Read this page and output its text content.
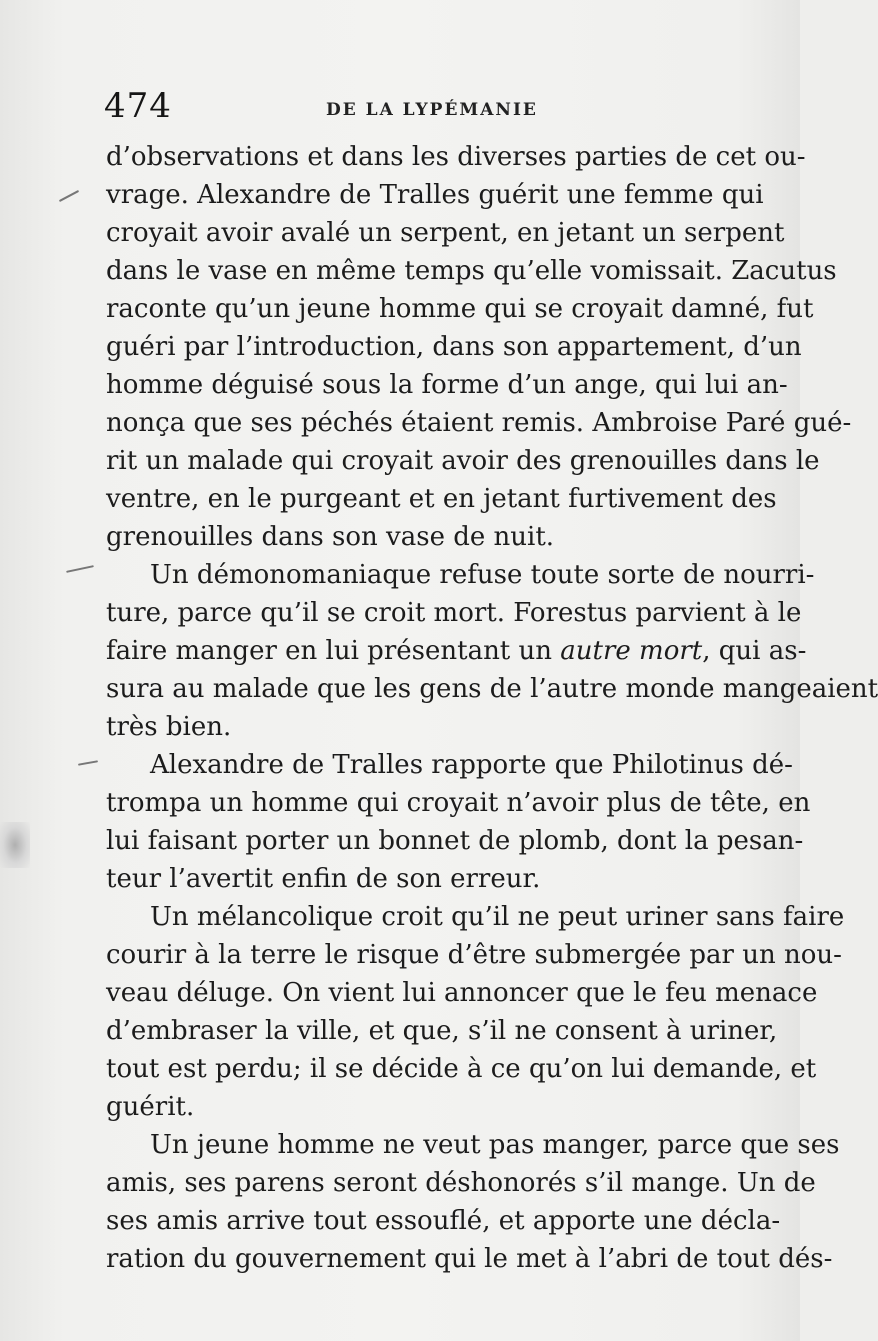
474	DE LA LYPÉMANIE
d’observations et dans les diverses parties de cet ou-
vrage. Alexandre de Tralles guérit une femme qui
croyait avoir avalé un serpent, en jetant un serpent
dans le vase en même temps qu’elle vomissait. Zacutus
raconte qu’un jeune homme qui se croyait damné, fut
guéri par l’introduction, dans son appartement, d’un
homme déguisé sous la forme d’un ange, qui lui an-
nonça que ses péchés étaient remis. Ambroise Paré gué-
rit un malade qui croyait avoir des grenouilles dans le
ventre, en le purgeant et en jetant furtivement des
grenouilles dans son vase de nuit.
Un démonomaniaque refuse toute sorte de nourri-
ture, parce qu’il se croit mort. Forestus parvient à le
faire manger en lui présentant un autre mort, qui as-
sura au malade que les gens de l’autre monde mangeaient
très bien.
Alexandre de Tralles rapporte que Philotinus dé-
trompa un homme qui croyait n’avoir plus de tête, en
lui faisant porter un bonnet de plomb, dont la pesan-
teur l’avertit enfin de son erreur.
Un mélancolique croit qu’il ne peut uriner sans faire
courir à la terre le risque d’être submergée par un nou-
veau déluge. On vient lui annoncer que le feu menace
d’embraser la ville, et que, s’il ne consent à uriner,
tout est perdu; il se décide à ce qu’on lui demande, et
guérit.
Un jeune homme ne veut pas manger, parce que ses
amis, ses parens seront déshonorés s’il mange. Un de
ses amis arrive tout essouflé, et apporte une décla-
ration du gouvernement qui le met à l’abri de tout dés-
